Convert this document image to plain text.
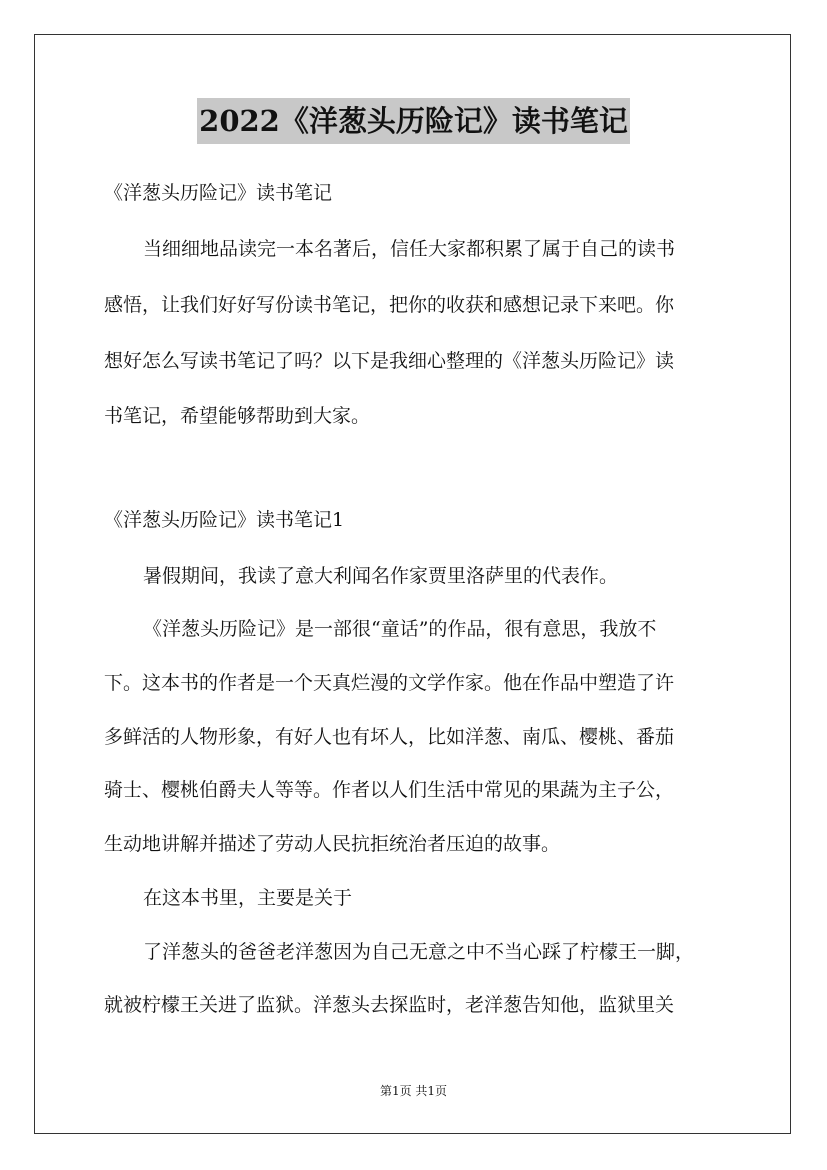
2022《洋葱头历险记》读书笔记
《洋葱头历险记》读书笔记
当细细地品读完一本名著后，信任大家都积累了属于自己的读书
感悟，让我们好好写份读书笔记，把你的收获和感想记录下来吧。你
想好怎么写读书笔记了吗？以下是我细心整理的《洋葱头历险记》读
书笔记，希望能够帮助到大家。
《洋葱头历险记》读书笔记1
暑假期间，我读了意大利闻名作家贾里洛萨里的代表作。
《洋葱头历险记》是一部很“童话”的作品，很有意思，我放不
下。这本书的作者是一个天真烂漫的文学作家。他在作品中塑造了许
多鲜活的人物形象，有好人也有坏人，比如洋葱、南瓜、樱桃、番茄
骑士、樱桃伯爵夫人等等。作者以人们生活中常见的果蔬为主子公，
生动地讲解并描述了劳动人民抗拒统治者压迫的故事。
在这本书里，主要是关于
了洋葱头的爸爸老洋葱因为自己无意之中不当心踩了柠檬王一脚，
就被柠檬王关进了监狱。洋葱头去探监时，老洋葱告知他，监狱里关
第1页 共1页
